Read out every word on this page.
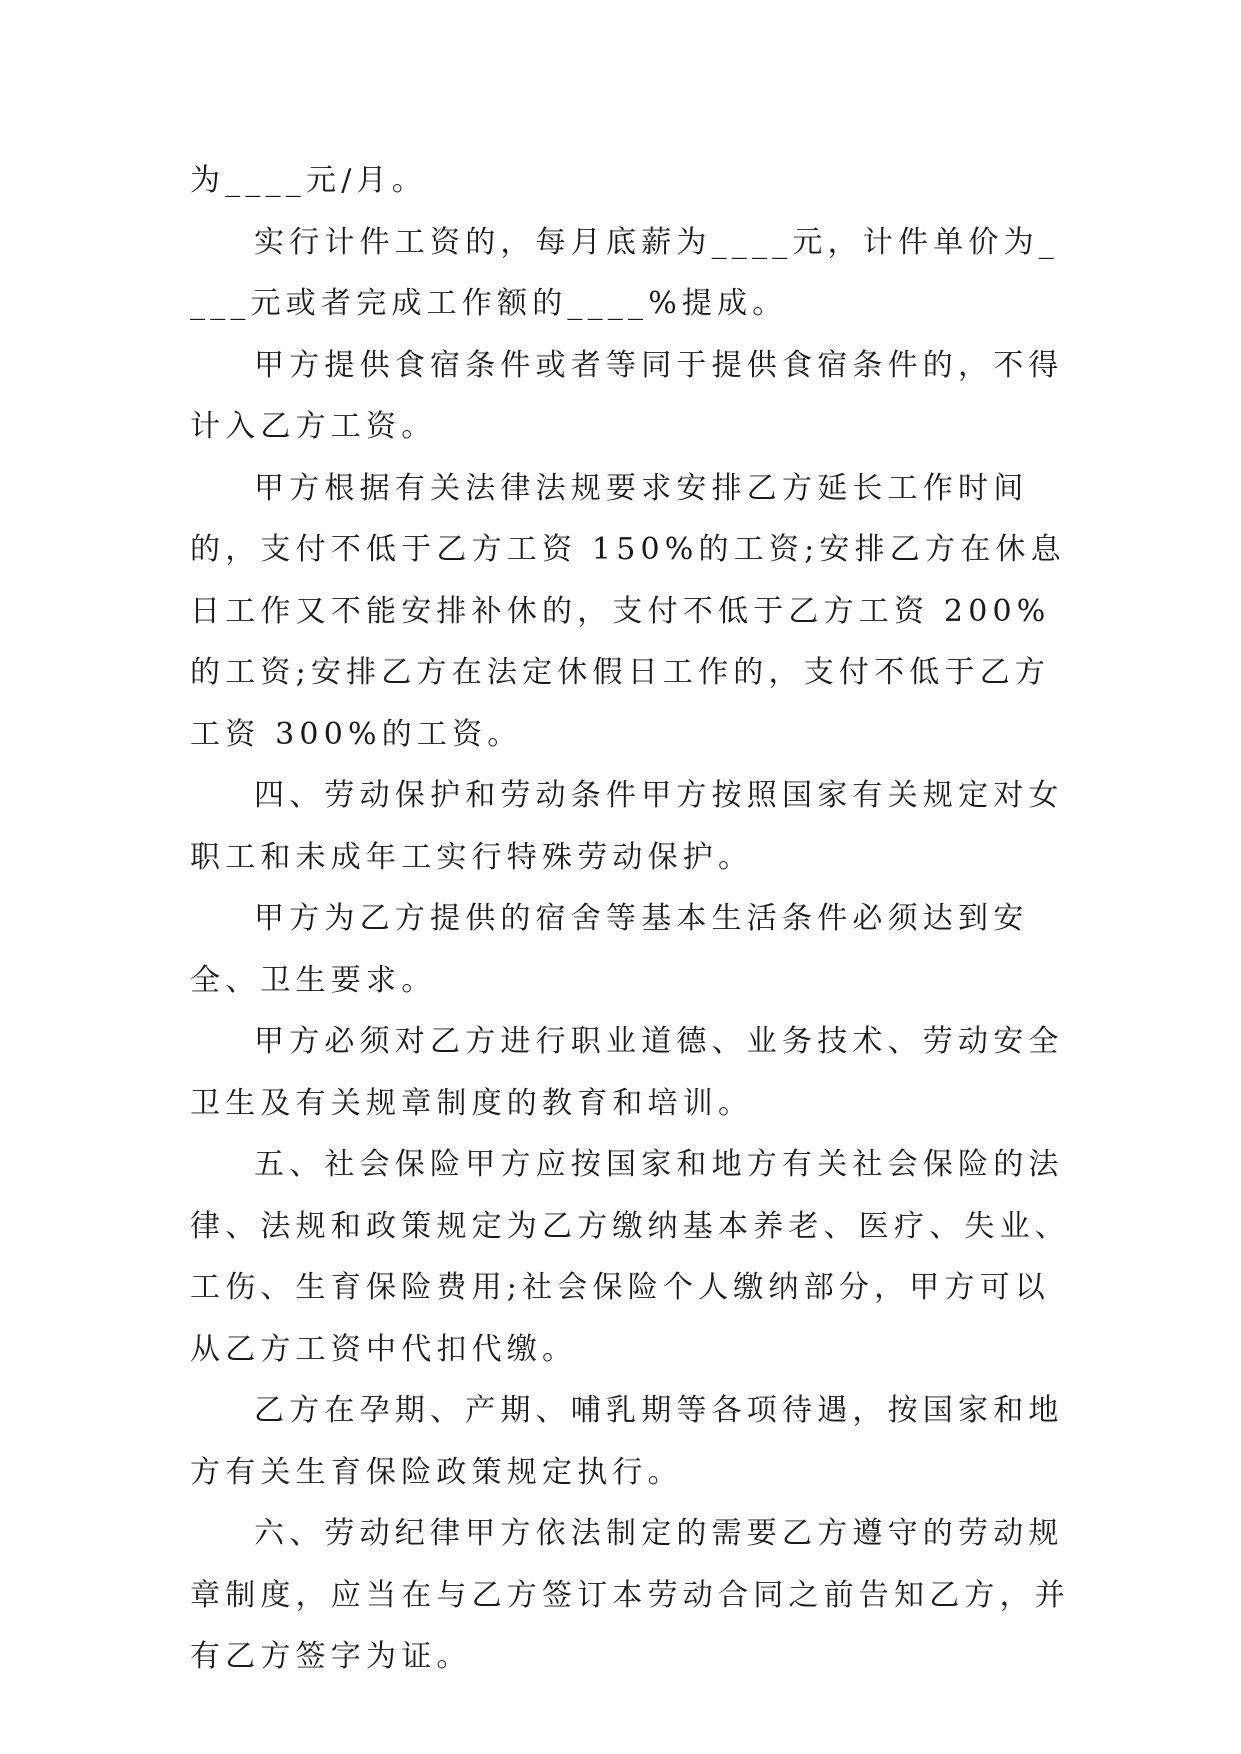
为____元/月。

实行计件工资的，每月底薪为____元，计件单价为____元或者完成工作额的____%提成。

甲方提供食宿条件或者等同于提供食宿条件的，不得计入乙方工资。

甲方根据有关法律法规要求安排乙方延长工作时间的，支付不低于乙方工资 150%的工资;安排乙方在休息日工作又不能安排补休的，支付不低于乙方工资 200%的工资;安排乙方在法定休假日工作的，支付不低于乙方工资 300%的工资。

四、劳动保护和劳动条件甲方按照国家有关规定对女职工和未成年工实行特殊劳动保护。

甲方为乙方提供的宿舍等基本生活条件必须达到安全、卫生要求。

甲方必须对乙方进行职业道德、业务技术、劳动安全卫生及有关规章制度的教育和培训。

五、社会保险甲方应按国家和地方有关社会保险的法律、法规和政策规定为乙方缴纳基本养老、医疗、失业、工伤、生育保险费用;社会保险个人缴纳部分，甲方可以从乙方工资中代扣代缴。

乙方在孕期、产期、哺乳期等各项待遇，按国家和地方有关生育保险政策规定执行。

六、劳动纪律甲方依法制定的需要乙方遵守的劳动规章制度，应当在与乙方签订本劳动合同之前告知乙方，并有乙方签字为证。
